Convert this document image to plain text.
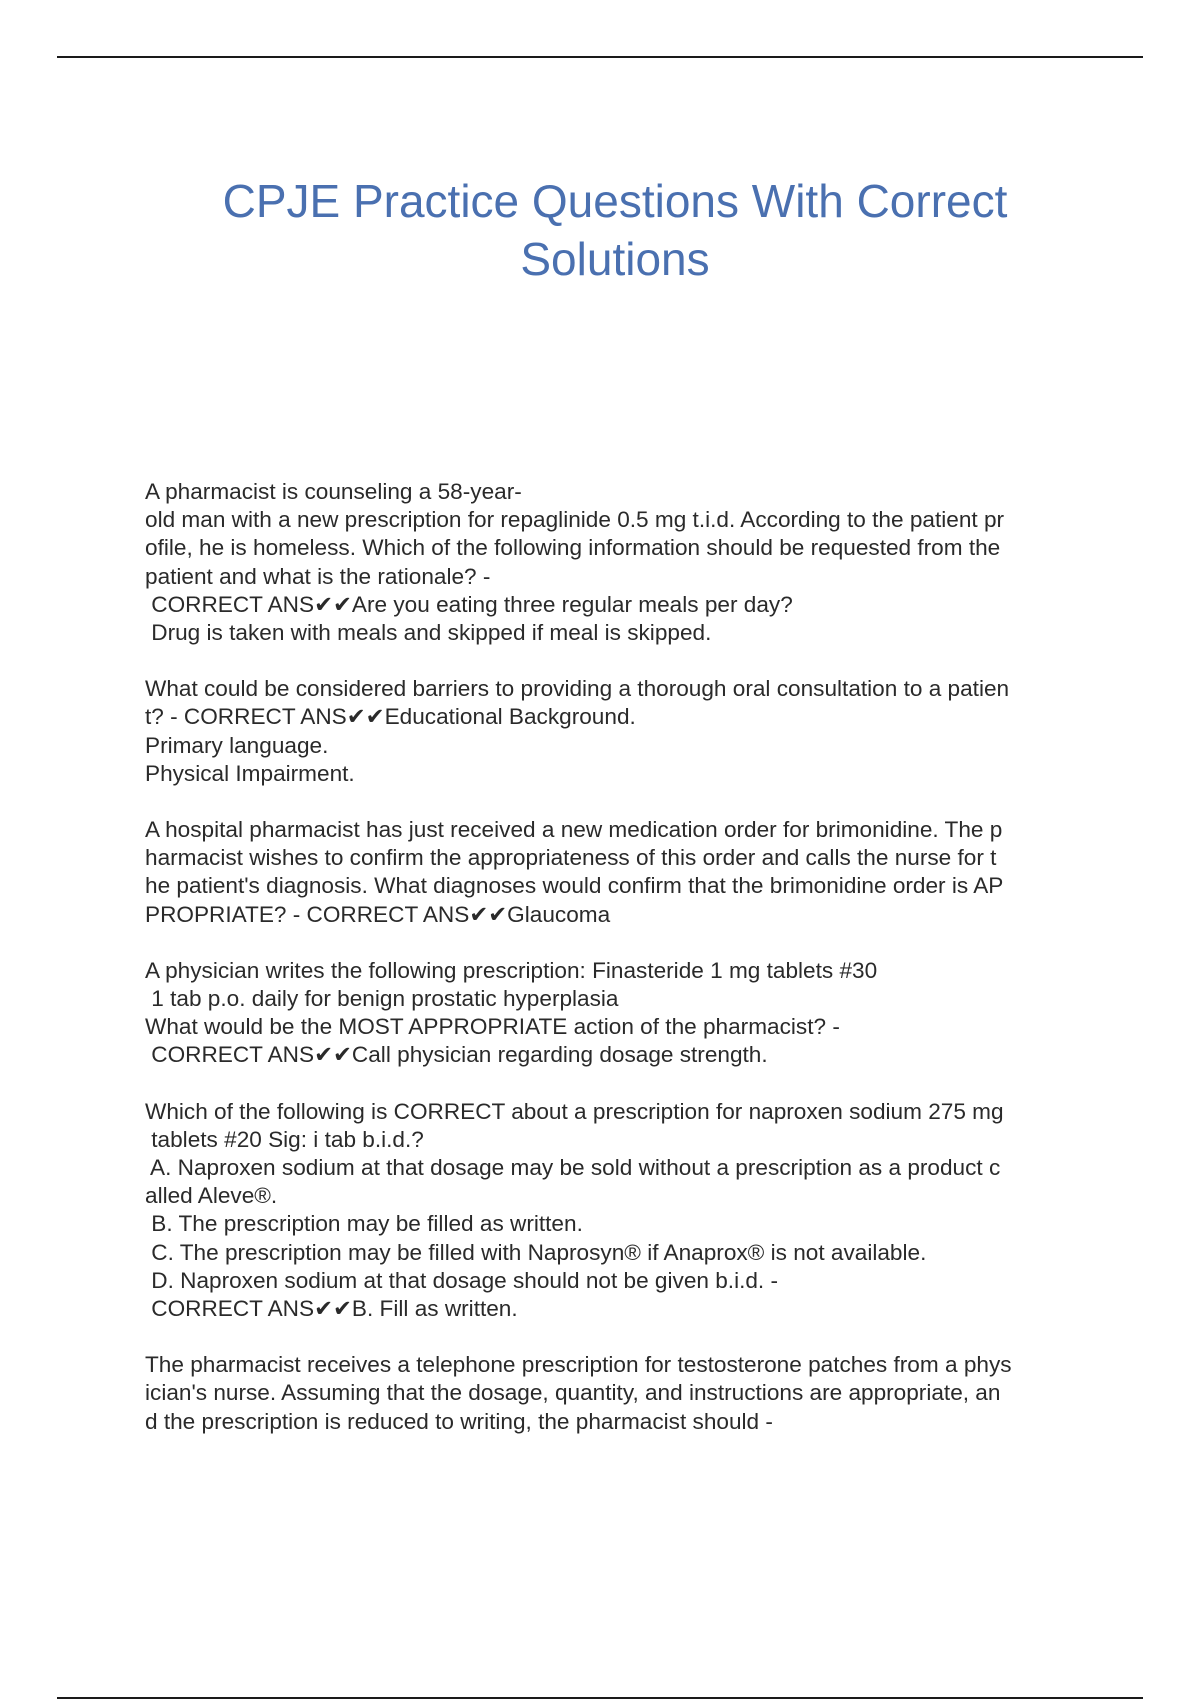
CPJE Practice Questions With Correct
Solutions
A pharmacist is counseling a 58-year-
old man with a new prescription for repaglinide 0.5 mg t.i.d. According to the patient pr
ofile, he is homeless. Which of the following information should be requested from the
patient and what is the rationale? -
CORRECT ANS✔✔Are you eating three regular meals per day?
Drug is taken with meals and skipped if meal is skipped.
What could be considered barriers to providing a thorough oral consultation to a patien
t? - CORRECT ANS✔✔Educational Background.
Primary language.
Physical Impairment.
A hospital pharmacist has just received a new medication order for brimonidine. The p
harmacist wishes to confirm the appropriateness of this order and calls the nurse for t
he patient's diagnosis. What diagnoses would confirm that the brimonidine order is AP
PROPRIATE? - CORRECT ANS✔✔Glaucoma
A physician writes the following prescription: Finasteride 1 mg tablets #30
1 tab p.o. daily for benign prostatic hyperplasia
What would be the MOST APPROPRIATE action of the pharmacist? -
CORRECT ANS✔✔Call physician regarding dosage strength.
Which of the following is CORRECT about a prescription for naproxen sodium 275 mg
tablets #20 Sig: i tab b.i.d.?
A. Naproxen sodium at that dosage may be sold without a prescription as a product c
alled Aleve®.
B. The prescription may be filled as written.
C. The prescription may be filled with Naprosyn® if Anaprox® is not available.
D. Naproxen sodium at that dosage should not be given b.i.d. -
CORRECT ANS✔✔B. Fill as written.
The pharmacist receives a telephone prescription for testosterone patches from a phys
ician's nurse. Assuming that the dosage, quantity, and instructions are appropriate, an
d the prescription is reduced to writing, the pharmacist should -
